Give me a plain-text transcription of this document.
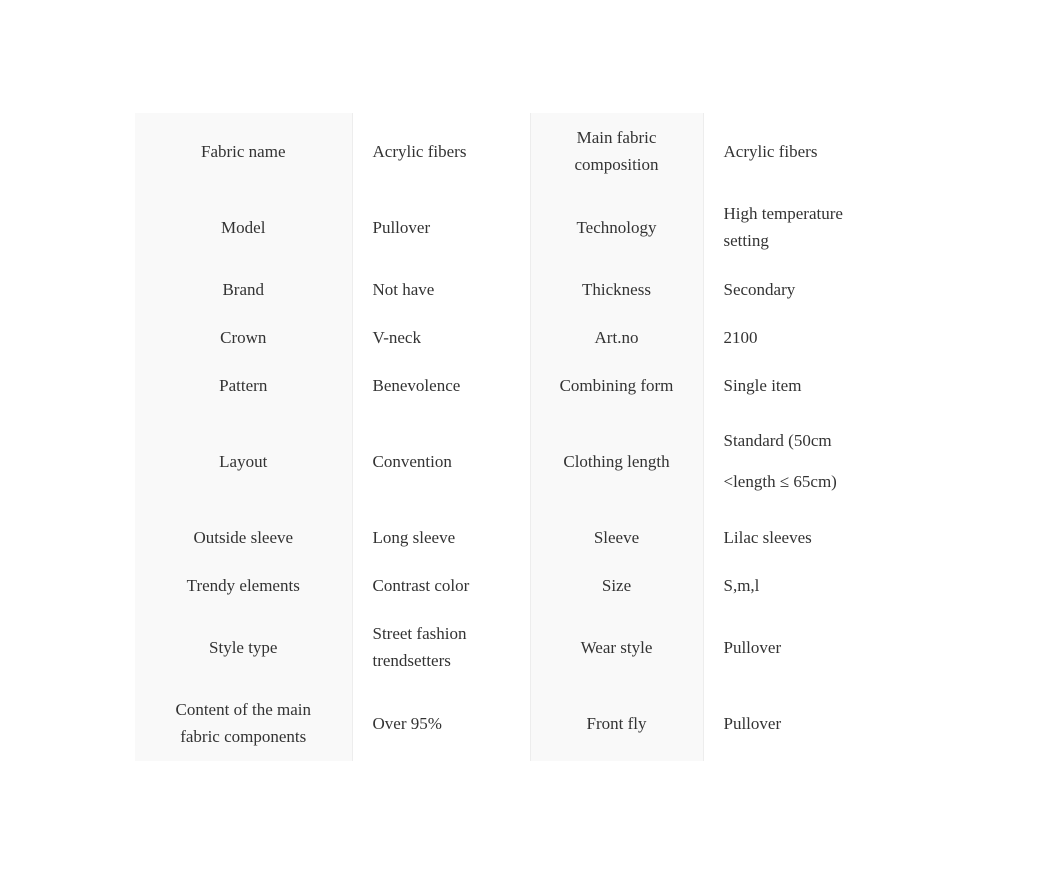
Fabric name	Acrylic fibers	Main fabric composition	Acrylic fibers
Model	Pullover	Technology	High temperature setting
Brand	Not have	Thickness	Secondary
Crown	V-neck	Art.no	2100
Pattern	Benevolence	Combining form	Single item
Layout	Convention	Clothing length	Standard (50cm <length ≤ 65cm)
Outside sleeve	Long sleeve	Sleeve	Lilac sleeves
Trendy elements	Contrast color	Size	S,m,l
Style type	Street fashion trendsetters	Wear style	Pullover
Content of the main fabric components	Over 95%	Front fly	Pullover
